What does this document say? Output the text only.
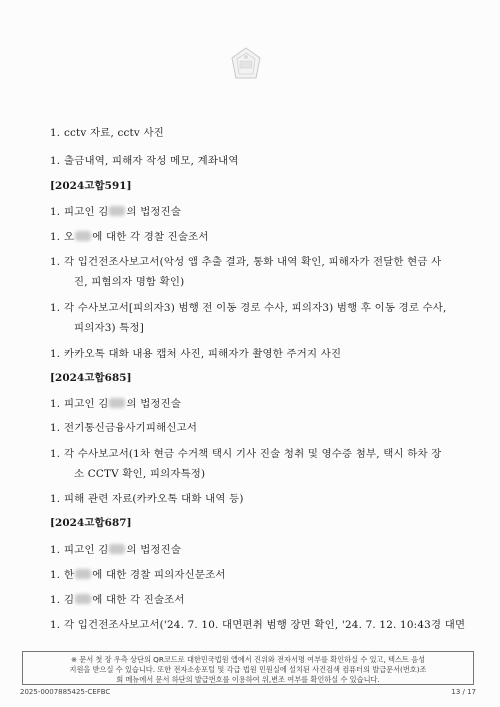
1. cctv 자료, cctv 사진
1. 출금내역, 피해자 작성 메모, 계좌내역
[2024고합591]
1. 피고인 김 의 법정진술
1. 오 에 대한 각 경찰 진술조서
1. 각 입건전조사보고서(악성 앱 추출 결과, 통화 내역 확인, 피해자가 전달한 현금 사
진, 피혐의자 명함 확인)
1. 각 수사보고서[피의자3) 범행 전 이동 경로 수사, 피의자3) 범행 후 이동 경로 수사,
피의자3) 특정]
1. 카카오톡 대화 내용 캡처 사진, 피해자가 촬영한 주거지 사진
[2024고합685]
1. 피고인 김 의 법정진술
1. 전기통신금융사기피해신고서
1. 각 수사보고서(1차 현금 수거책 택시 기사 진술 청취 및 영수증 첨부, 택시 하차 장
소 CCTV 확인, 피의자특정)
1. 피해 관련 자료(카카오톡 대화 내역 등)
[2024고합687]
1. 피고인 김 의 법정진술
1. 한 에 대한 경찰 피의자신문조서
1. 김 에 대한 각 진술조서
1. 각 입건전조사보고서('24. 7. 10. 대면편취 범행 장면 확인, '24. 7. 12. 10:43경 대면
※ 문서 첫 장 우측 상단의 QR코드로 대한민국법원 앱에서 진위와 전자서명 여부를 확인하실 수 있고, 텍스트 음성
지원을 받으실 수 있습니다. 또한 전자소송포털 및 각급 법원 민원실에 설치된 사건검색 컴퓨터의 발급문서(번호)조
회 메뉴에서 문서 하단의 발급번호를 이용하여 위,변조 여부를 확인하실 수 있습니다.
2025-0007885425-CEFBC	13 / 17
